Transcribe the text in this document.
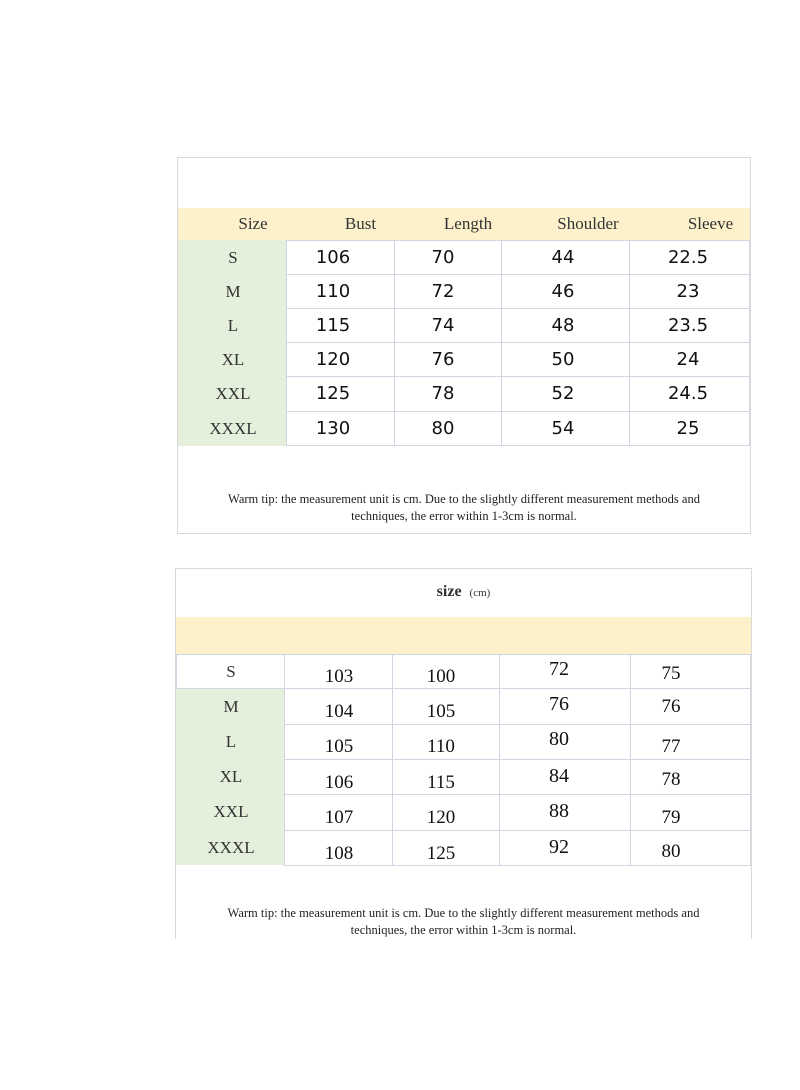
Size	Bust	Length	Shoulder	Sleeve
S	106	70	44	22.5
M	110	72	46	23
L	115	74	48	23.5
XL	120	76	50	24
XXL	125	78	52	24.5
XXXL	130	80	54	25
Warm tip: the measurement unit is cm. Due to the slightly different measurement methods and
techniques, the error within 1-3cm is normal.
size (cm)
S	103	100	72	75
M	104	105	76	76
L	105	110	80	77
XL	106	115	84	78
XXL	107	120	88	79
XXXL	108	125	92	80
Warm tip: the measurement unit is cm. Due to the slightly different measurement methods and
techniques, the error within 1-3cm is normal.
